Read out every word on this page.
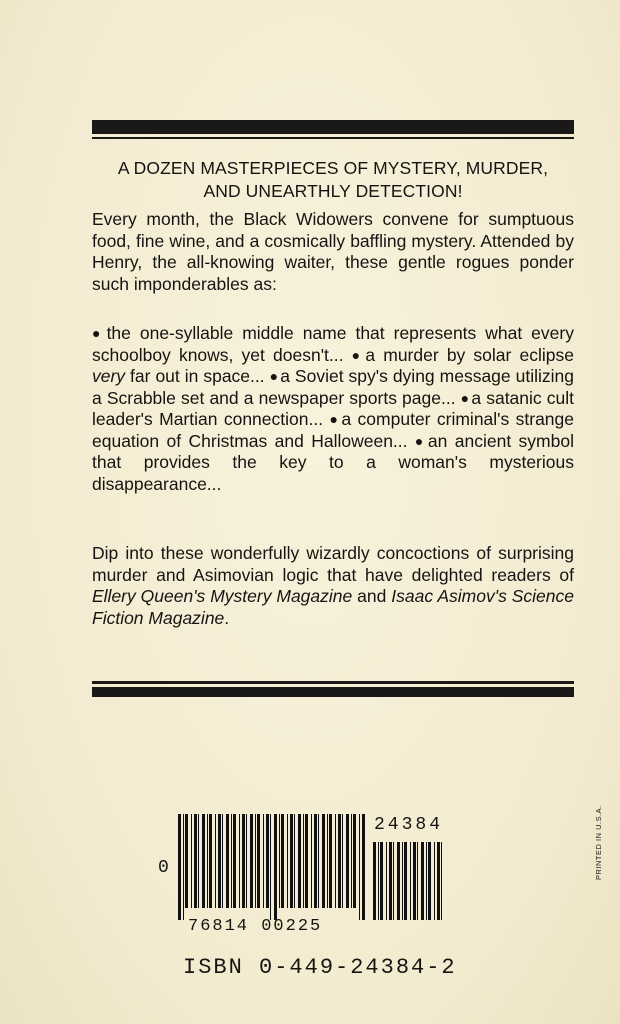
A DOZEN MASTERPIECES OF MYSTERY, MURDER,
AND UNEARTHLY DETECTION!
Every month, the Black Widowers convene for sumptuous food, fine wine, and a cosmically baffling mystery. Attended by Henry, the all-knowing waiter, these gentle rogues ponder such imponderables as:
● the one-syllable middle name that represents what every schoolboy knows, yet doesn't... ● a murder by solar eclipse very far out in space... ● a Soviet spy's dying message utilizing a Scrabble set and a newspaper sports page... ● a satanic cult leader's Martian connection... ● a computer criminal's strange equation of Christmas and Halloween... ● an ancient symbol that provides the key to a woman's mysterious disappearance...
Dip into these wonderfully wizardly concoctions of surprising murder and Asimovian logic that have delighted readers of Ellery Queen's Mystery Magazine and Isaac Asimov's Science Fiction Magazine.
0
24384
76814 00225
ISBN 0-449-24384-2
PRINTED IN U.S.A.
